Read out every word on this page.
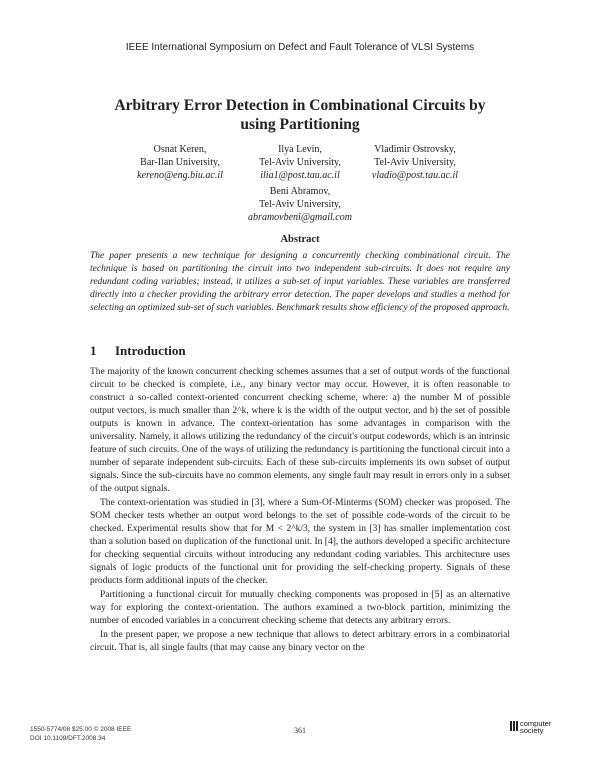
IEEE International Symposium on Defect and Fault Tolerance of VLSI Systems
Arbitrary Error Detection in Combinational Circuits by
using Partitioning
Osnat Keren,
Bar-Ilan University,
kereno@eng.biu.ac.il
Ilya Levin,
Tel-Aviv University,
ilia1@post.tau.ac.il
Vladimir Ostrovsky,
Tel-Aviv University,
vladio@post.tau.ac.il
Beni Abramov,
Tel-Aviv University,
abramovbeni@gmail.com
Abstract

The paper presents a new technique for designing a concurrently checking combinational circuit. The technique is based on partitioning the circuit into two independent sub-circuits. It does not require any redundant coding variables; instead, it utilizes a sub-set of input variables. These variables are transferred directly into a checker providing the arbitrary error detection. The paper develops and studies a method for selecting an optimized sub-set of such variables. Benchmark results show efficiency of the proposed approach.

1 Introduction

The majority of the known concurrent checking schemes assumes that a set of output words of the functional circuit to be checked is complete, i.e., any binary vector may occur. However, it is often reasonable to construct a so-called context-oriented concurrent checking scheme, where: a) the number M of possible output vectors, is much smaller than 2^k, where k is the width of the output vector, and b) the set of possible outputs is known in advance. The context-orientation has some advantages in comparison with the universality. Namely, it allows utilizing the redundancy of the circuit's output codewords, which is an intrinsic feature of such circuits. One of the ways of utilizing the redundancy is partitioning the functional circuit into a number of separate independent sub-circuits. Each of these sub-circuits implements its own subset of output signals. Since the sub-circuits have no common elements, any single fault may result in errors only in a subset of the output signals.

The context-orientation was studied in [3], where a Sum-Of-Minterms (SOM) checker was proposed. The SOM checker tests whether an output word belongs to the set of possible code-words of the circuit to be checked. Experimental results show that for M < 2^k/3, the system in [3] has smaller implementation cost than a solution based on duplication of the functional unit. In [4], the authors developed a specific architecture for checking sequential circuits without introducing any redundant coding variables. This architecture uses signals of logic products of the functional unit for providing the self-checking property. Signals of these products form additional inputs of the checker.

Partitioning a functional circuit for mutually checking components was proposed in [5] as an alternative way for exploring the context-orientation. The authors examined a two-block partition, minimizing the number of encoded variables in a concurrent checking scheme that detects any arbitrary errors.

In the present paper, we propose a new technique that allows to detect arbitrary errors in a combinatorial circuit. That is, all single faults (that may cause any binary vector on the

1550-5774/08 $25.00 © 2008 IEEE
DOI 10.1109/DFT.2008.34
361
computer
society
